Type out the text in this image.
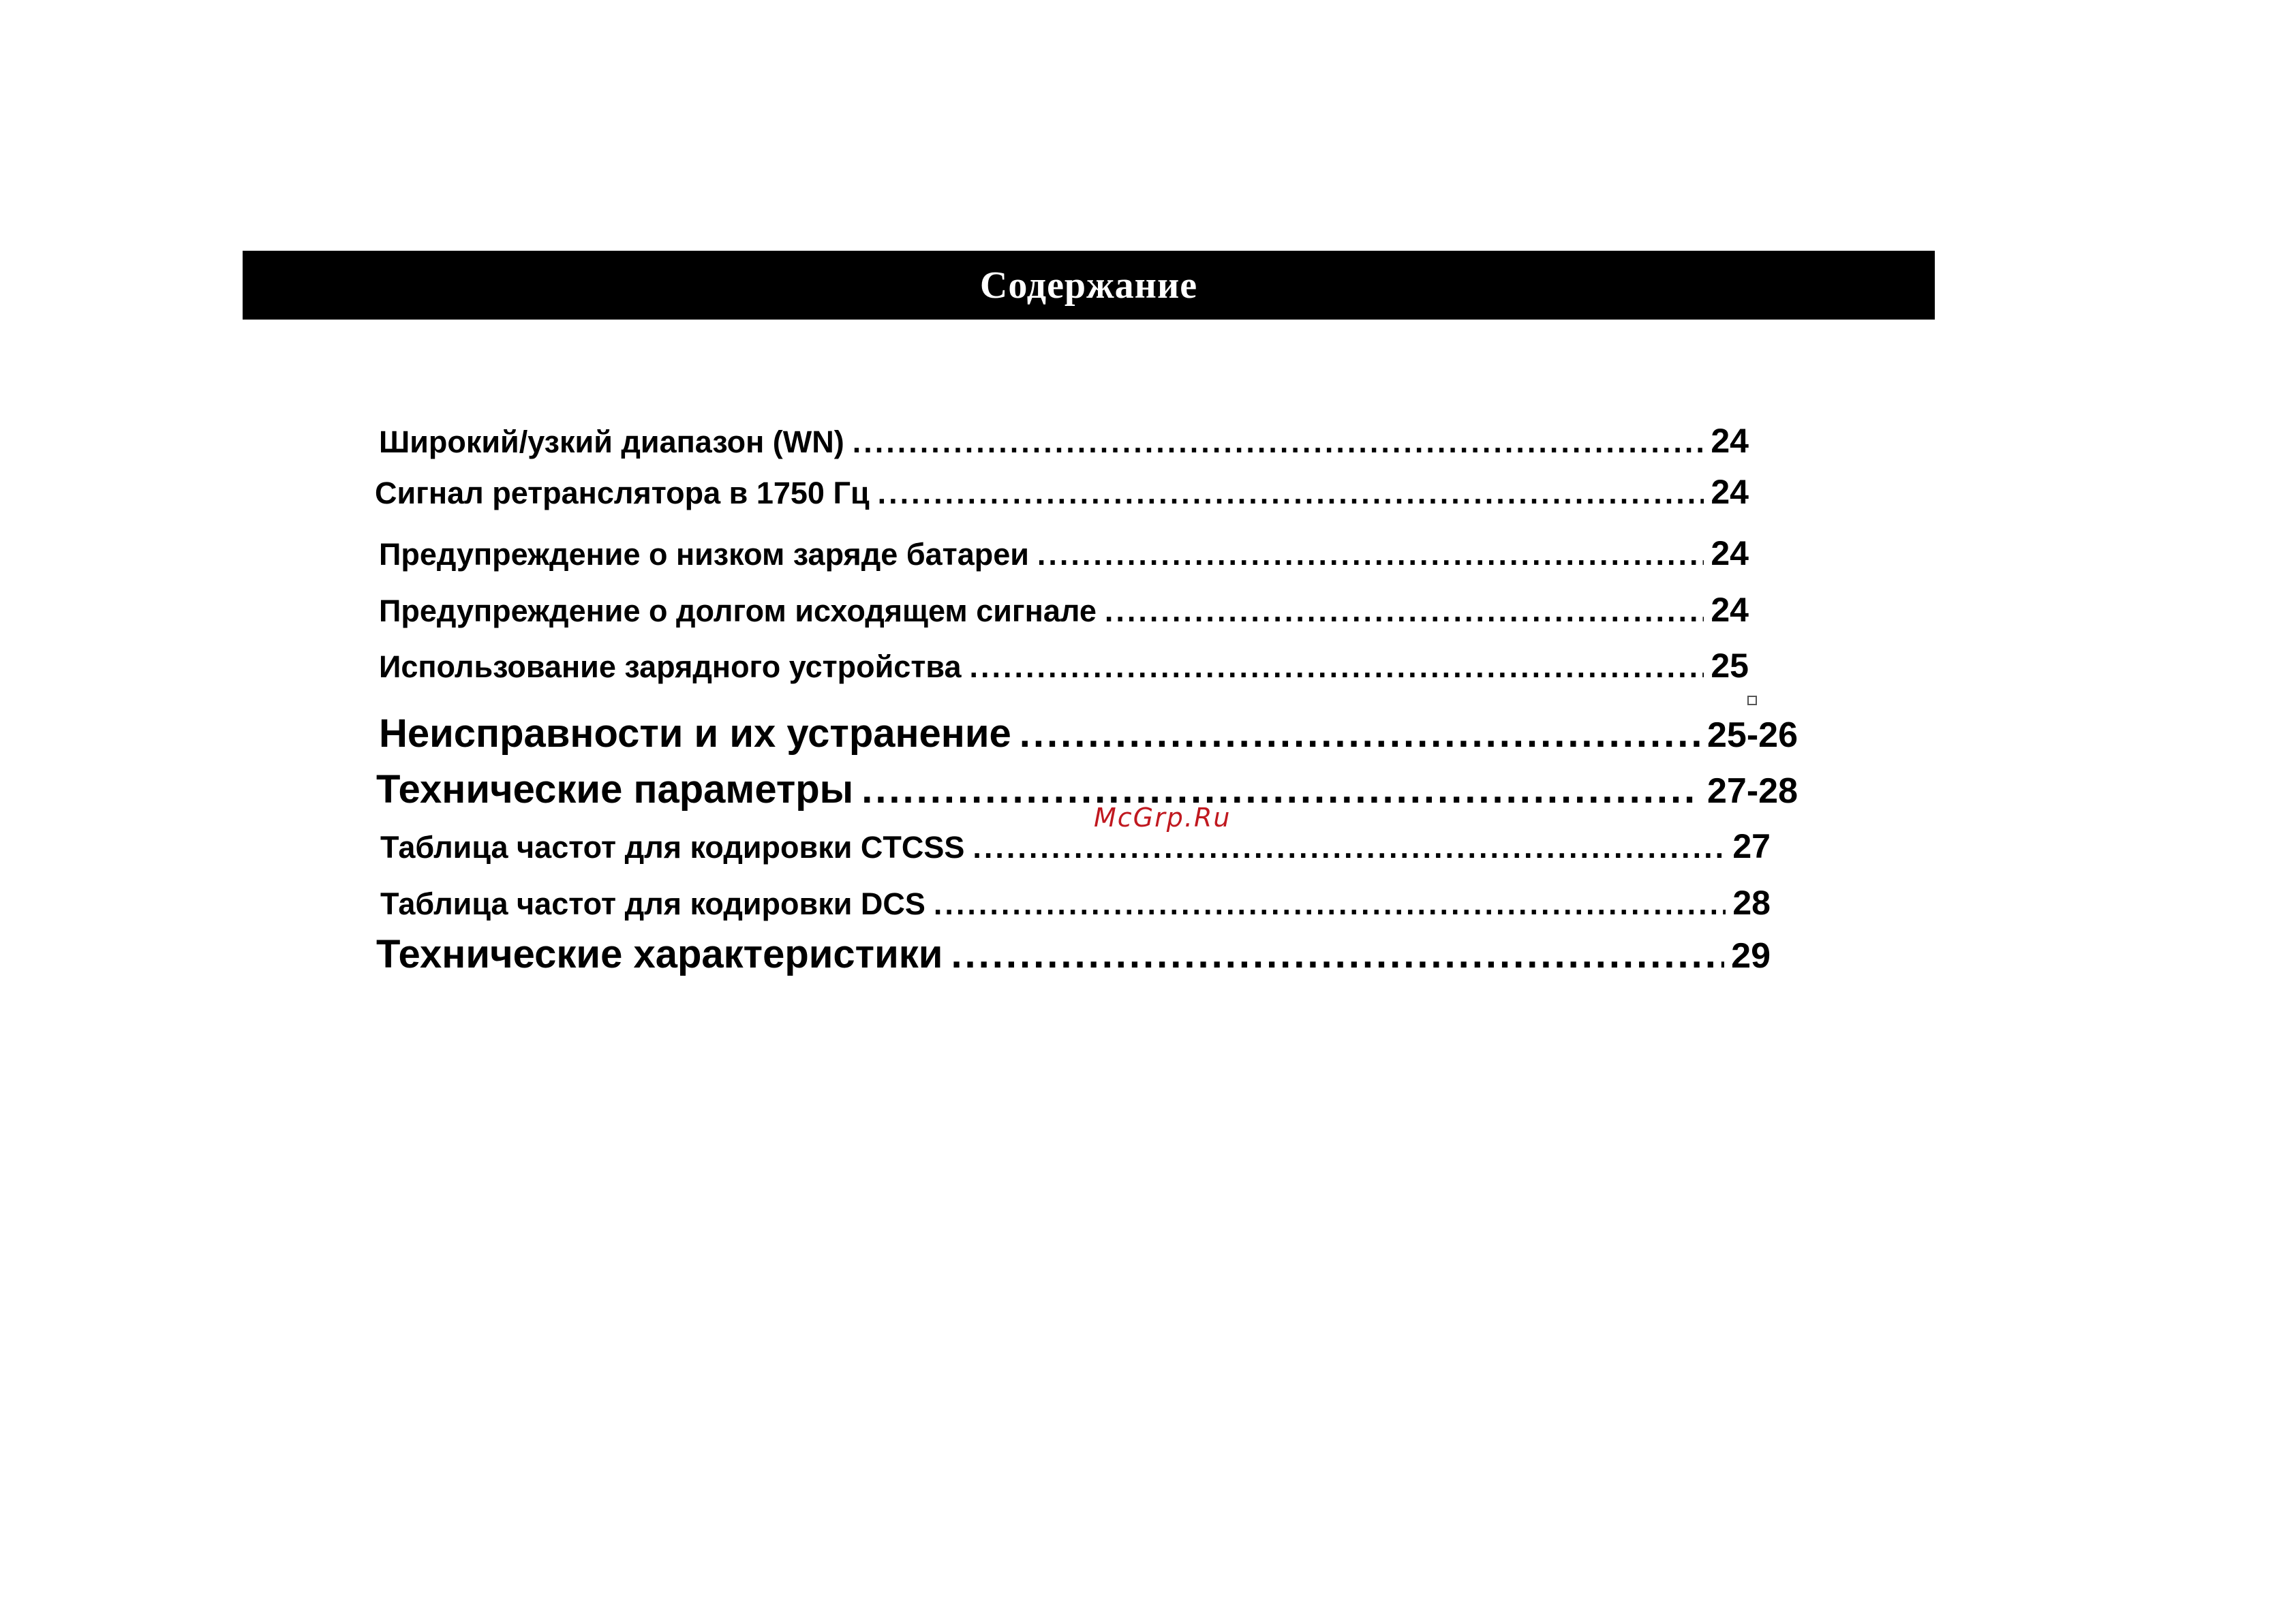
Содержание
Широкий/узкий диапазон (WN) .....	24
Сигнал ретранслятора в 1750 Гц .....	24
Предупреждение о низком заряде батареи .....	24
Предупреждение о долгом исходящем сигнале .....	24
Использование зарядного устройства .....	25
Неисправности и их устранение .....	25-26
Технические параметры .....	27-28
Таблица частот для кодировки CTCSS .....	27
Таблица частот для кодировки DCS .....	28
Технические характеристики .....	29
McGrp.Ru
